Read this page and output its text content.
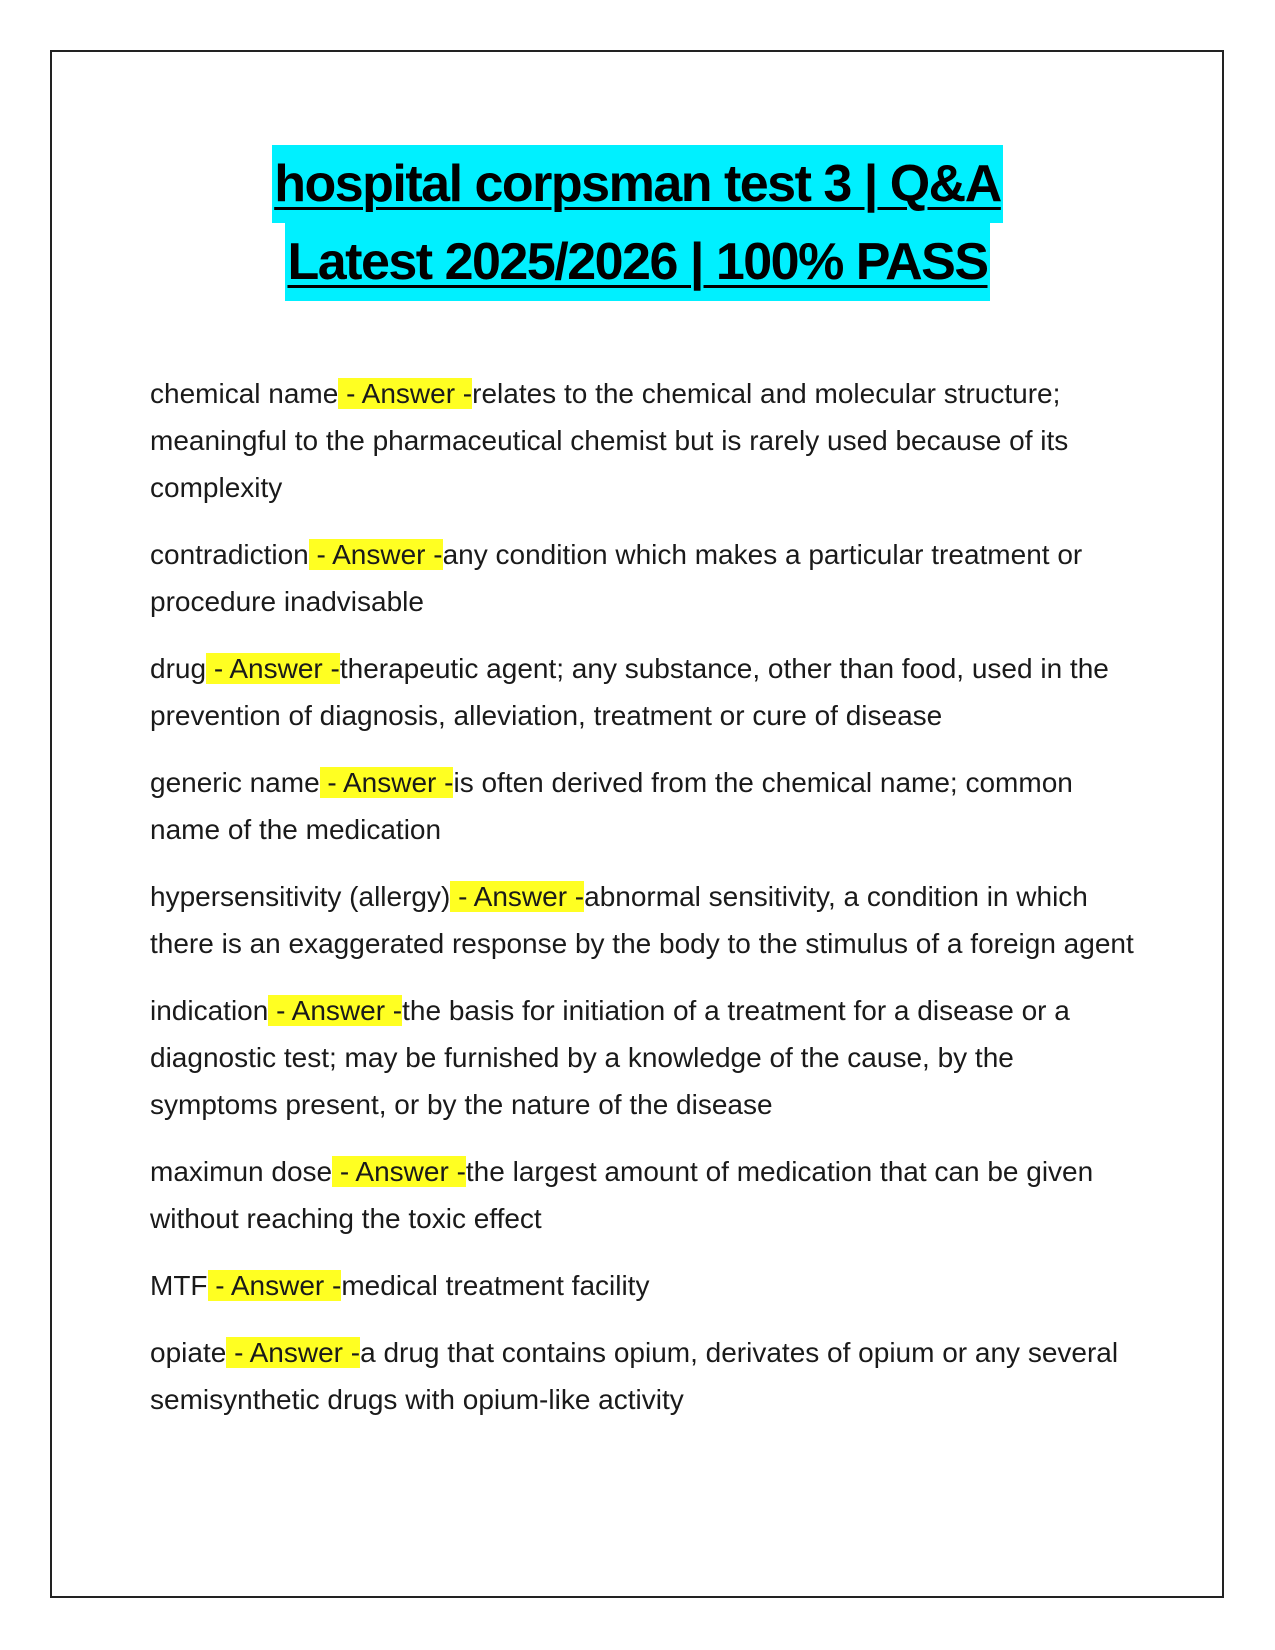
hospital corpsman test 3 | Q&A
Latest 2025/2026 | 100% PASS
chemical name - Answer -relates to the chemical and molecular structure; meaningful to the pharmaceutical chemist but is rarely used because of its complexity
contradiction - Answer -any condition which makes a particular treatment or procedure inadvisable
drug - Answer -therapeutic agent; any substance, other than food, used in the prevention of diagnosis, alleviation, treatment or cure of disease
generic name - Answer -is often derived from the chemical name; common name of the medication
hypersensitivity (allergy) - Answer -abnormal sensitivity, a condition in which there is an exaggerated response by the body to the stimulus of a foreign agent
indication - Answer -the basis for initiation of a treatment for a disease or a diagnostic test; may be furnished by a knowledge of the cause, by the symptoms present, or by the nature of the disease
maximun dose - Answer -the largest amount of medication that can be given without reaching the toxic effect
MTF - Answer -medical treatment facility
opiate - Answer -a drug that contains opium, derivates of opium or any several semisynthetic drugs with opium-like activity
